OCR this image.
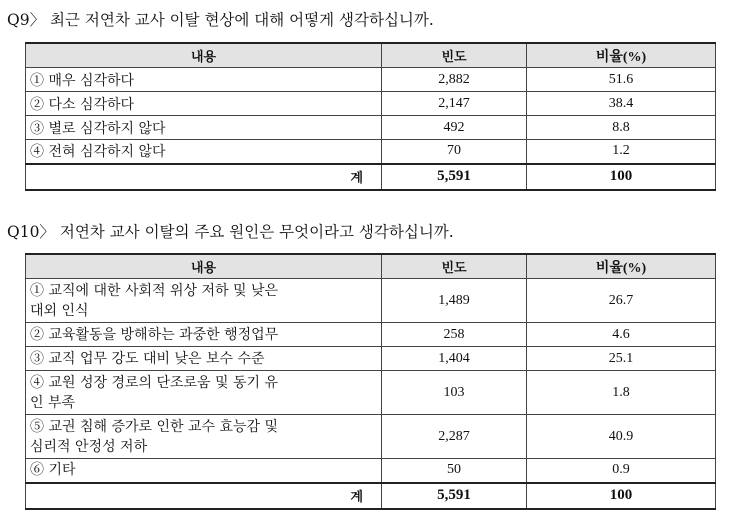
Q9〉 최근 저연차 교사 이탈 현상에 대해 어떻게 생각하십니까.
내용	빈도	비율(%)
① 매우 심각하다	2,882	51.6
② 다소 심각하다	2,147	38.4
③ 별로 심각하지 않다	492	8.8
④ 전혀 심각하지 않다	70	1.2
계	5,591	100
Q10〉 저연차 교사 이탈의 주요 원인은 무엇이라고 생각하십니까.
내용	빈도	비율(%)

① 교직에 대한 사회적 위상 저하 및 낮은
대외 인식	1,489	26.7
② 교육활동을 방해하는 과중한 행정업무	258	4.6
③ 교직 업무 강도 대비 낮은 보수 수준	1,404	25.1

④ 교원 성장 경로의 단조로움 및 동기 유
인 부족	103	1.8

⑤ 교권 침해 증가로 인한 교수 효능감 및
심리적 안정성 저하	2,287	40.9
⑥ 기타	50	0.9
계	5,591	100
